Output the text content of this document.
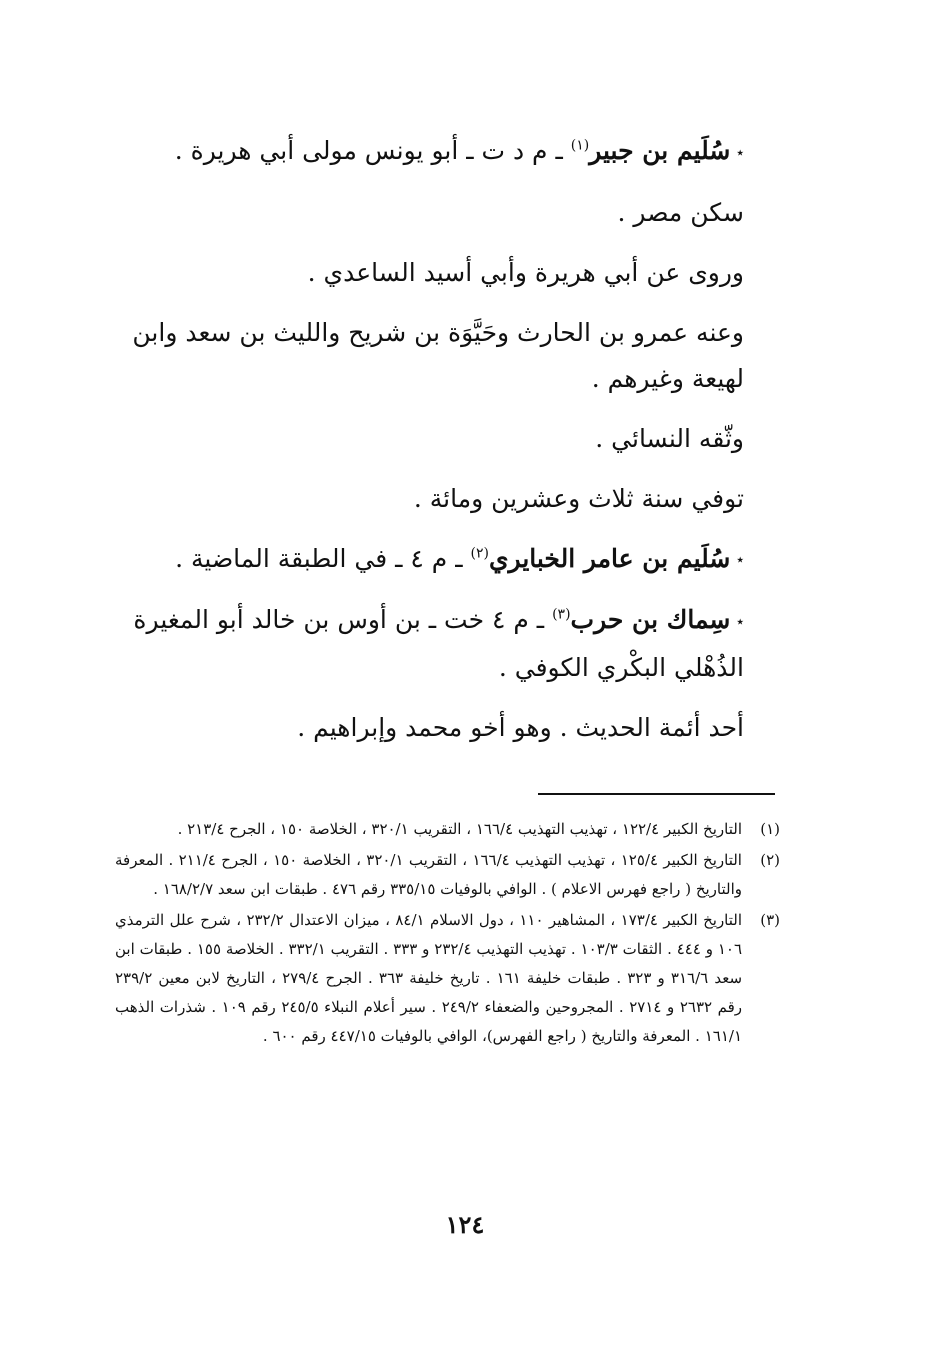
٭سُلَيم بن جبير$^{(١)}$ ـ م د ت ـ أبو يونس مولى أبي هريرة .

سكن مصر .

وروى عن أبي هريرة وأبي أسيد الساعدي .

وعنه عمرو بن الحارث وحَيَّوَة بن شريح والليث بن سعد وابن لهيعة وغيرهم .

وثّقه النسائي .

توفي سنة ثلاث وعشرين ومائة .

٭سُلَيم بن عامر الخبايري$^{(٢)}$ ـ م ٤ ـ في الطبقة الماضية .

٭سِماك بن حرب$^{(٣)}$ ـ م ٤ خت ـ بن أوس بن خالد أبو المغيرة الذُهْلي البكْري الكوفي .

أحد أئمة الحديث . وهو أخو محمد وإبراهيم .

(١)
التاريخ الكبير ١٢٢/٤ ، تهذيب التهذيب ١٦٦/٤ ، التقريب ٣٢٠/١ ، الخلاصة ١٥٠ ، الجرح ٢١٣/٤ .
(٢)
التاريخ الكبير ١٢٥/٤ ، تهذيب التهذيب ١٦٦/٤ ، التقريب ٣٢٠/١ ، الخلاصة ١٥٠ ، الجرح ٢١١/٤ . المعرفة والتاريخ ( راجع فهرس الاعلام ) . الوافي بالوفيات ٣٣٥/١٥ رقم ٤٧٦ . طبقات ابن سعد ١٦٨/٢/٧ .
(٣)
التاريخ الكبير ١٧٣/٤ ، المشاهير ١١٠ ، دول الاسلام ٨٤/١ ، ميزان الاعتدال ٢٣٢/٢ ، شرح علل الترمذي ١٠٦ و ٤٤٤ . الثقات ١٠٣/٣ . تهذيب التهذيب ٢٣٢/٤ و ٣٣٣ . التقريب ٣٣٢/١ . الخلاصة ١٥٥ . طبقات ابن سعد ٣١٦/٦ و ٣٢٣ . طبقات خليفة ١٦١ . تاريخ خليفة ٣٦٣ . الجرح ٢٧٩/٤ ، التاريخ لابن معين ٢٣٩/٢ رقم ٢٦٣٢ و ٢٧١٤ . المجروحين والضعفاء ٢٤٩/٢ . سير أعلام النبلاء ٢٤٥/٥ رقم ١٠٩ . شذرات الذهب ١٦١/١ . المعرفة والتاريخ ( راجع الفهرس)، الوافي بالوفيات ٤٤٧/١٥ رقم ٦٠٠ .
١٢٤
